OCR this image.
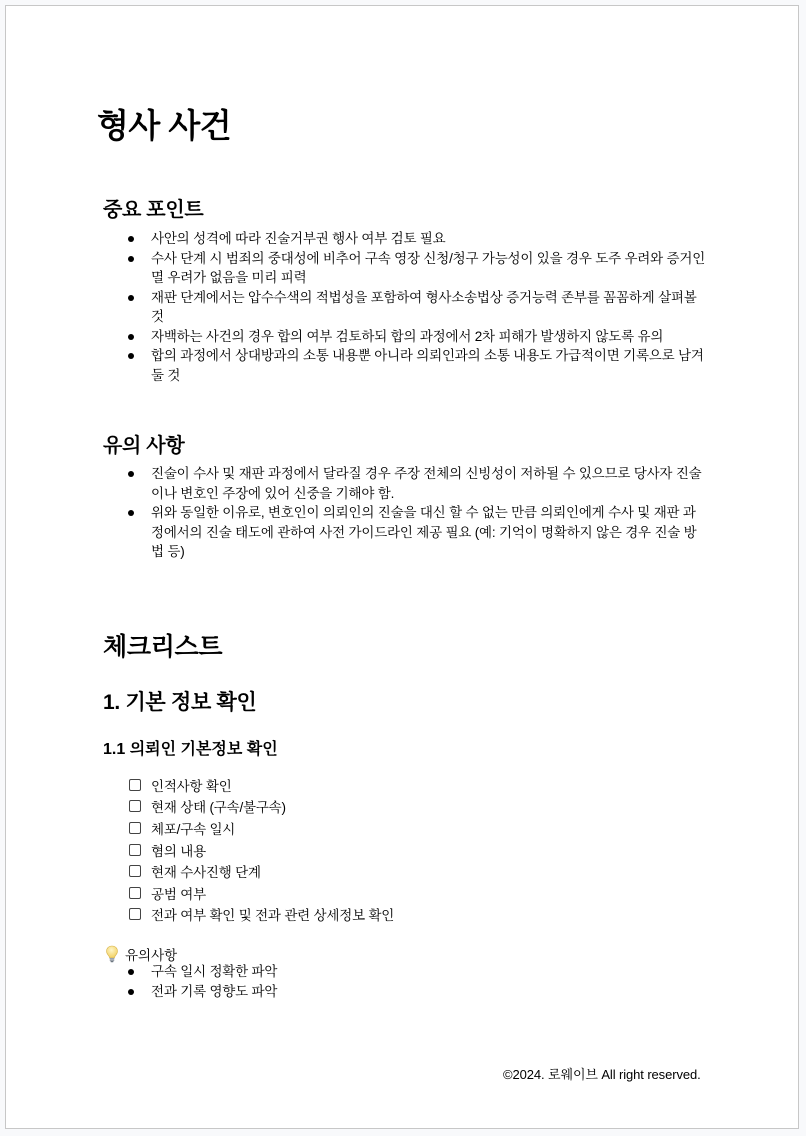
형사 사건
중요 포인트
사안의 성격에 따라 진술거부권 행사 여부 검토 필요
수사 단계 시 범죄의 중대성에 비추어 구속 영장 신청/청구 가능성이 있을 경우 도주 우려와 증거인멸 우려가 없음을 미리 피력
재판 단계에서는 압수수색의 적법성을 포함하여 형사소송법상 증거능력 존부를 꼼꼼하게 살펴볼 것
자백하는 사건의 경우 합의 여부 검토하되 합의 과정에서 2차 피해가 발생하지 않도록 유의
합의 과정에서 상대방과의 소통 내용뿐 아니라 의뢰인과의 소통 내용도 가급적이면 기록으로 남겨둘 것
유의 사항
진술이 수사 및 재판 과정에서 달라질 경우 주장 전체의 신빙성이 저하될 수 있으므로 당사자 진술이나 변호인 주장에 있어 신중을 기해야 함.
위와 동일한 이유로, 변호인이 의뢰인의 진술을 대신 할 수 없는 만큼 의뢰인에게 수사 및 재판 과정에서의 진술 태도에 관하여 사전 가이드라인 제공 필요 (예: 기억이 명확하지 않은 경우 진술 방법 등)
체크리스트
1. 기본 정보 확인
1.1 의뢰인 기본정보 확인
인적사항 확인
현재 상태 (구속/불구속)
체포/구속 일시
혐의 내용
현재 수사진행 단계
공범 여부
전과 여부 확인 및 전과 관련 상세정보 확인
유의사항
구속 일시 정확한 파악
전과 기록 영향도 파악
©2024. 로웨이브 All right reserved.
